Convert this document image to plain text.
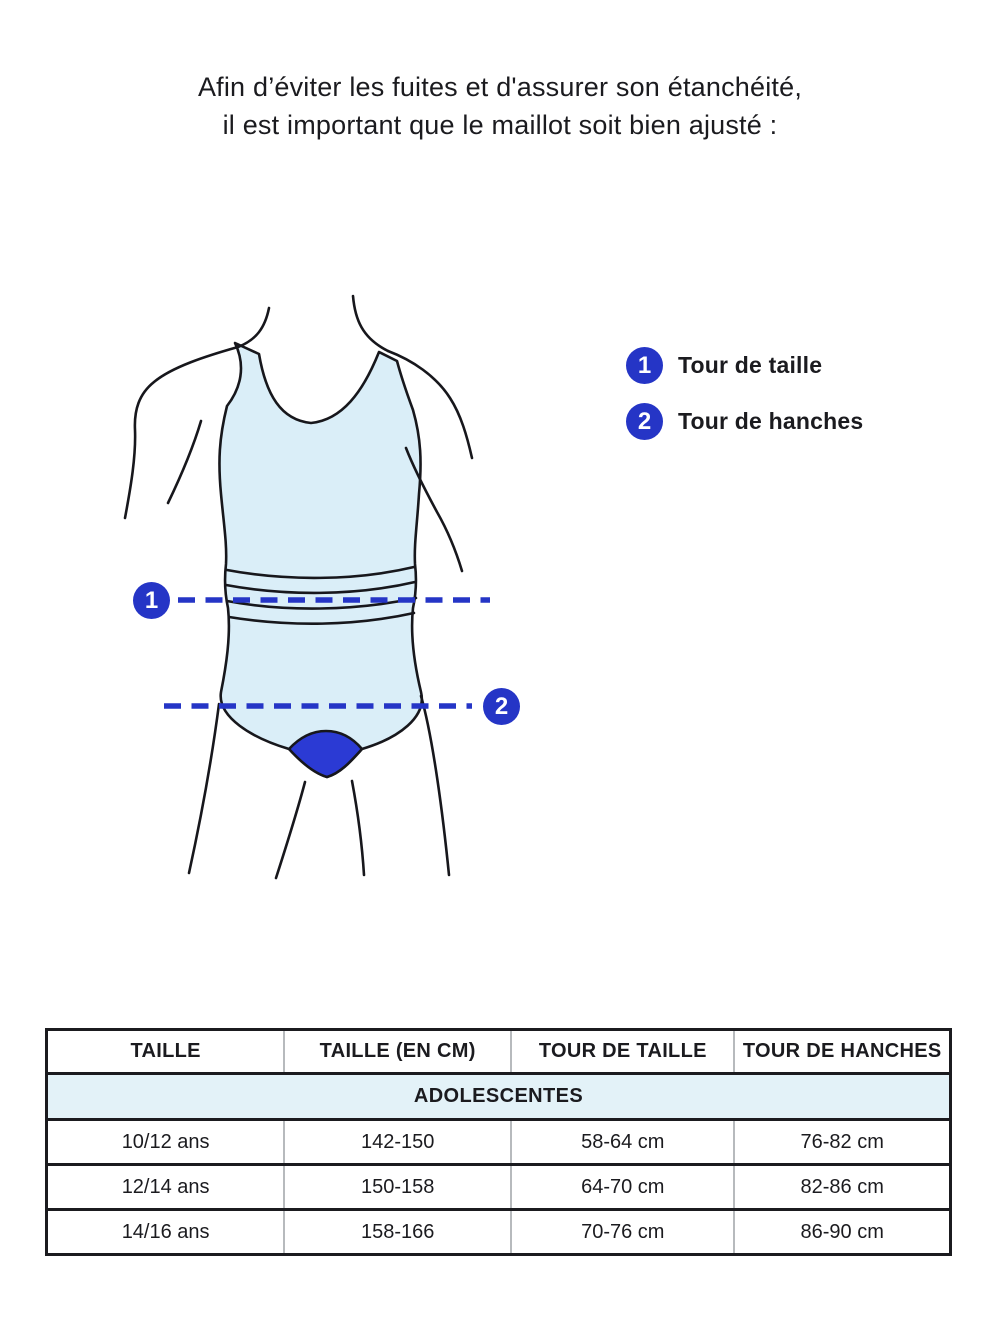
Afin d’éviter les fuites et d'assurer son étanchéité,
il est important que le maillot soit bien ajusté :
1
2
1	Tour de taille
2	Tour de hanches
TAILLE	TAILLE (EN CM)	TOUR DE TAILLE	TOUR DE HANCHES
ADOLESCENTES			
10/12 ans	142-150	58-64 cm	76-82 cm
12/14 ans	150-158	64-70 cm	82-86 cm
14/16 ans	158-166	70-76 cm	86-90 cm
